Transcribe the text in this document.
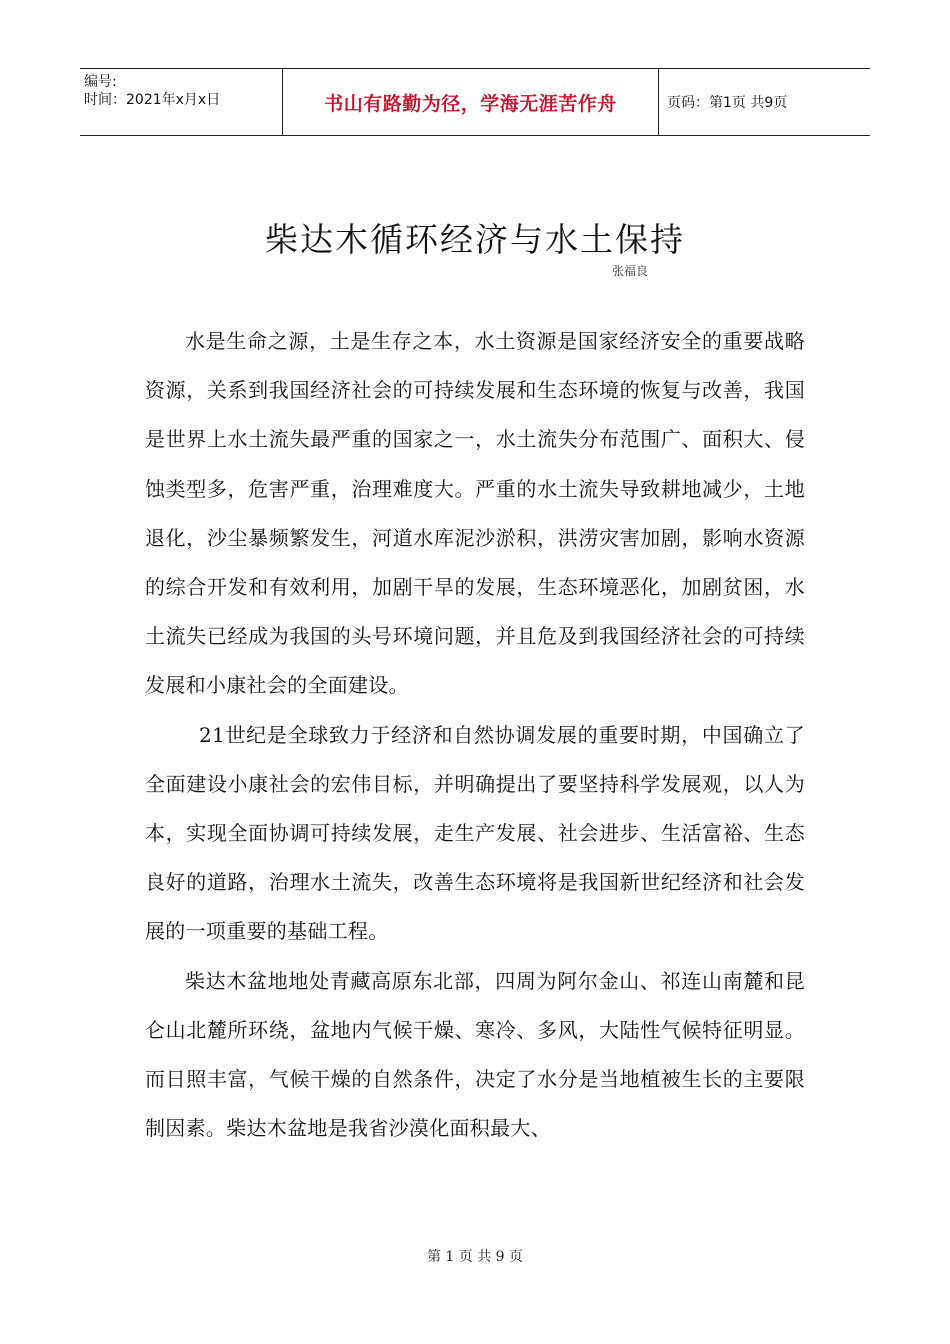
编号:
时间：2021年x月x日	书山有路勤为径，学海无涯苦作舟	页码：第1页 共9页
柴达木循环经济与水土保持
张福良

水是生命之源，土是生存之本，水土资源是国家经济安全的重要战略资源，关系到我国经济社会的可持续发展和生态环境的恢复与改善，我国是世界上水土流失最严重的国家之一，水土流失分布范围广、面积大、侵蚀类型多，危害严重，治理难度大。严重的水土流失导致耕地减少，土地退化，沙尘暴频繁发生，河道水库泥沙淤积，洪涝灾害加剧，影响水资源的综合开发和有效利用，加剧干旱的发展，生态环境恶化，加剧贫困，水土流失已经成为我国的头号环境问题，并且危及到我国经济社会的可持续发展和小康社会的全面建设。

21世纪是全球致力于经济和自然协调发展的重要时期，中国确立了全面建设小康社会的宏伟目标，并明确提出了要坚持科学发展观，以人为本，实现全面协调可持续发展，走生产发展、社会进步、生活富裕、生态良好的道路，治理水土流失，改善生态环境将是我国新世纪经济和社会发展的一项重要的基础工程。

柴达木盆地地处青藏高原东北部，四周为阿尔金山、祁连山南麓和昆仑山北麓所环绕，盆地内气候干燥、寒冷、多风，大陆性气候特征明显。而日照丰富，气候干燥的自然条件，决定了水分是当地植被生长的主要限制因素。柴达木盆地是我省沙漠化面积最大、

第 1 页 共 9 页
